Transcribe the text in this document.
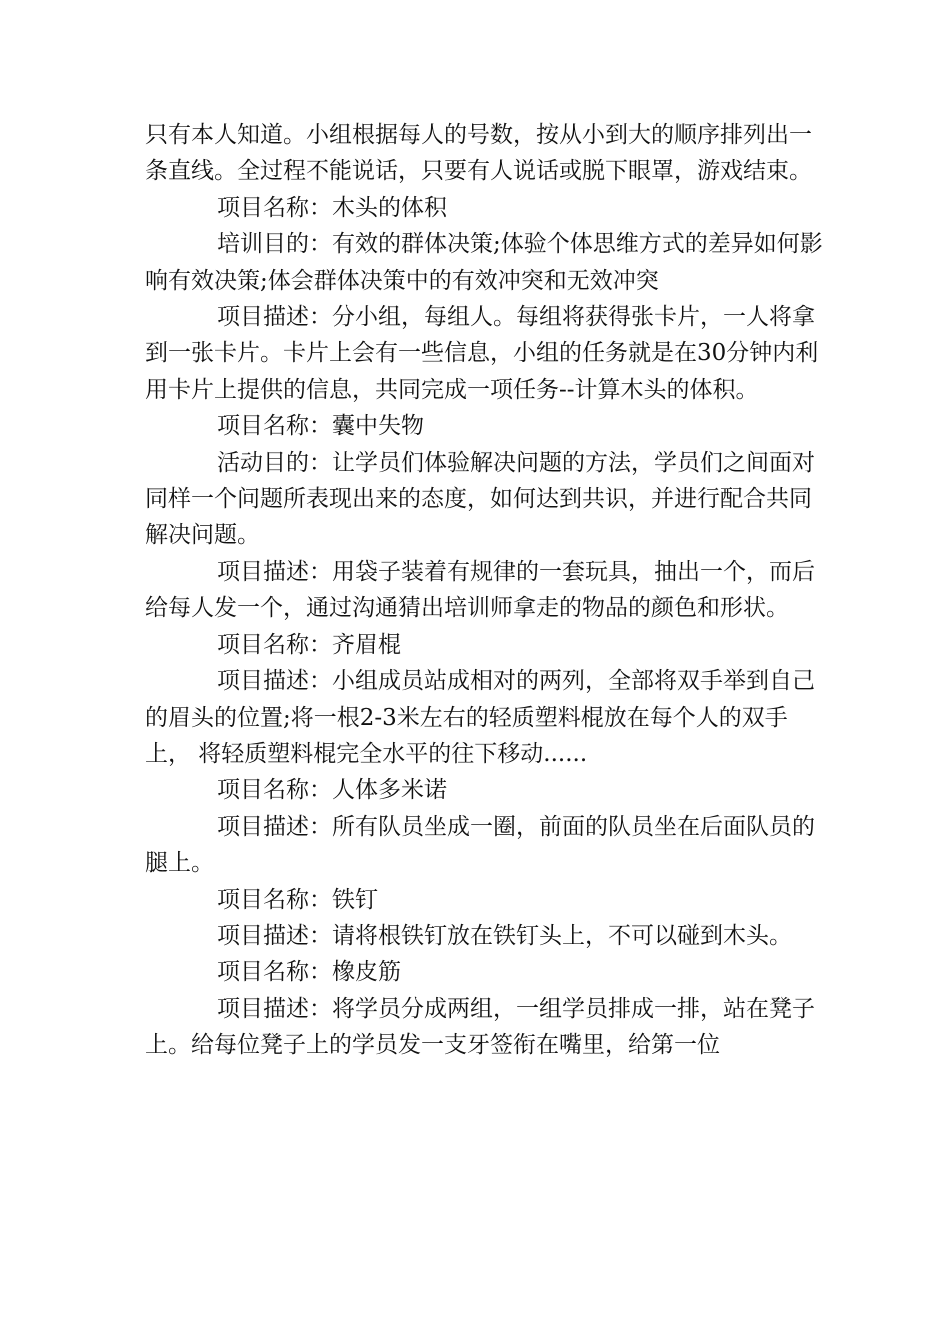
只有本人知道。小组根据每人的号数，按从小到大的顺序排列出一条直线。全过程不能说话，只要有人说话或脱下眼罩，游戏结束。

项目名称：木头的体积

培训目的：有效的群体决策;体验个体思维方式的差异如何影响有效决策;体会群体决策中的有效冲突和无效冲突

项目描述：分小组，每组人。每组将获得张卡片，一人将拿到一张卡片。卡片上会有一些信息，小组的任务就是在30分钟内利用卡片上提供的信息，共同完成一项任务--计算木头的体积。

项目名称：囊中失物

活动目的：让学员们体验解决问题的方法，学员们之间面对同样一个问题所表现出来的态度，如何达到共识，并进行配合共同解决问题。

项目描述：用袋子装着有规律的一套玩具，抽出一个，而后给每人发一个，通过沟通猜出培训师拿走的物品的颜色和形状。

项目名称：齐眉棍

项目描述：小组成员站成相对的两列，全部将双手举到自己的眉头的位置;将一根2-3米左右的轻质塑料棍放在每个人的双手上， 将轻质塑料棍完全水平的往下移动......

项目名称：人体多米诺

项目描述：所有队员坐成一圈，前面的队员坐在后面队员的腿上。

项目名称：铁钉

项目描述：请将根铁钉放在铁钉头上，不可以碰到木头。

项目名称：橡皮筋

项目描述：将学员分成两组，一组学员排成一排，站在凳子上。给每位凳子上的学员发一支牙签衔在嘴里，给第一位
